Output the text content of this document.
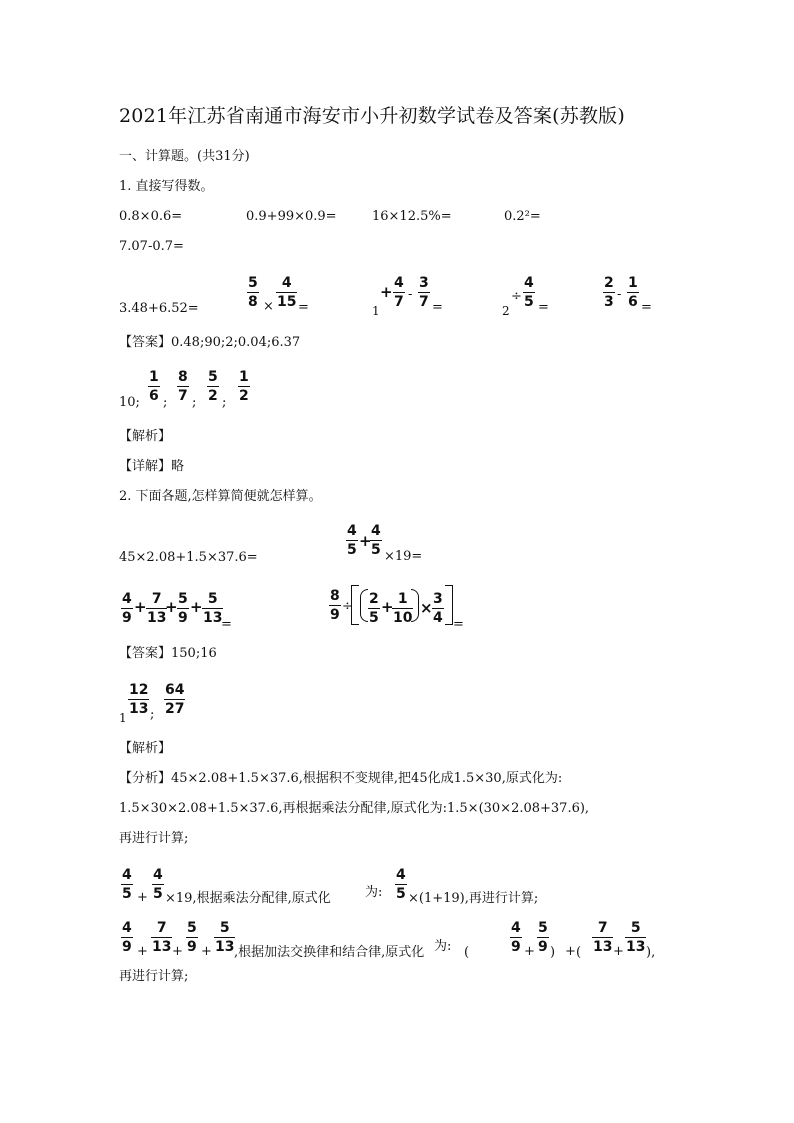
2021年江苏省南通市海安市小升初数学试卷及答案(苏教版)
一、计算题。(共31分)
1. 直接写得数。
0.8×0.6=	0.9+99×0.9=	16×12.5%=	0.2²=
7.07-0.7=
3.48+6.52=	$\frac{5}{8} \times \frac{4}{15}$ =	1
+ $\frac{4}{7} - \frac{3}{7}$ =	2
÷ $\frac{4}{5}$ =	$\frac{2}{3} - \frac{1}{6}$ =
【答案】0.48;90;2;0.04;6.37
10; $\frac{1}{6}$ ; $\frac{8}{7}$ ; $\frac{5}{2}$ ; $\frac{1}{2}$
【解析】
【详解】略
2. 下面各题,怎样算简便就怎样算。
45×2.08+1.5×37.6=
$\frac{4}{5}$ +
$\frac{4}{5} \times 19=$
$\frac{4}{9} + \frac{7}{13}$
+ $\frac{5}{9} + \frac{5}{13}$
=
$\frac{8}{9} \div \frac{2}{5}$ +
$\frac{1}{10} \times \frac{3}{4}$ =
【答案】150;16
1
$\frac{12}{13}$ ; $\frac{64}{27}$
【解析】
【分析】45×2.08+1.5×37.6,根据积不变规律,把45化成1.5×30,原式化为:
1.5×30×2.08+1.5×37.6,再根据乘法分配律,原式化为:1.5×(30×2.08+37.6),
再进行计算;
$\frac{4}{5} + \frac{4}{5} \times 19$,根据乘法分配律,原式化	为: $\frac{4}{5} \times(1+19)$,再进行计算;
$\frac{4}{9} + \frac{7}{13} + \frac{5}{9} + \frac{5}{13}$
,根据加法交换律和结合律,原式化 为: (	$\frac{4}{9} + \frac{5}{9}$ ) + ( $\frac{7}{13} + \frac{5}{13}$ ),
再进行计算;
